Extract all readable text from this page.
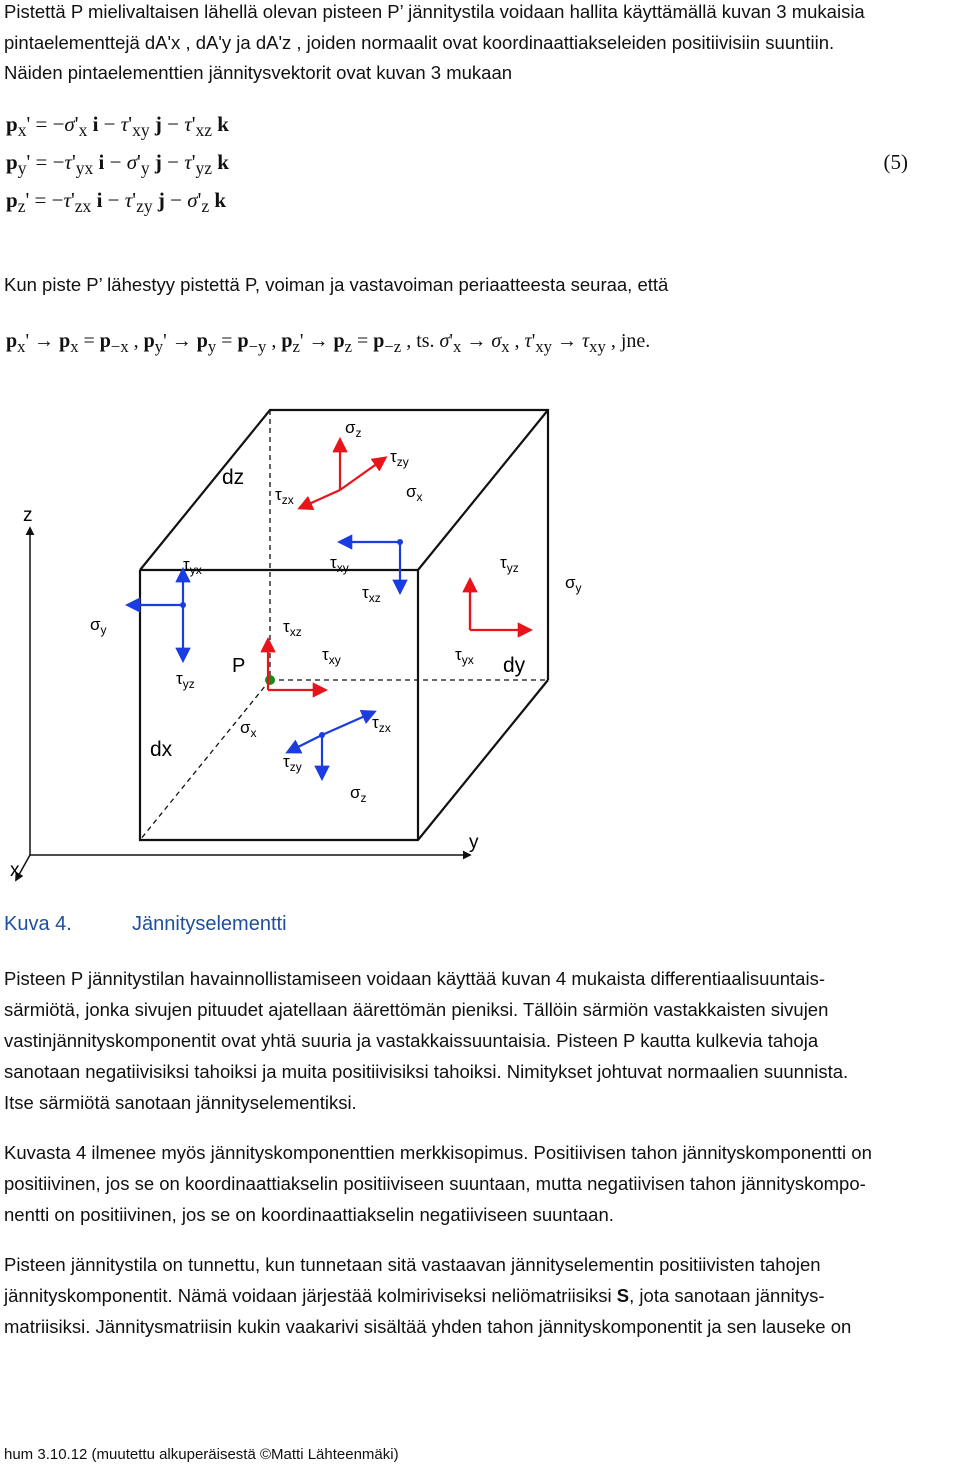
Pistettä P mielivaltaisen lähellä olevan pisteen P’ jännitystila voidaan hallita käyttämällä kuvan 3 mukaisia

pintaelementtejä dA'x , dA'y ja dA'z , joiden normaalit ovat koordinaattiakseleiden positiivisiin suuntiin.

Näiden pintaelementtien jännitysvektorit ovat kuvan 3 mukaan

$p_x' = -\sigma'_x$ $i - \tau'_{xy}$ $j - \tau'_{xz}$ k
$p_y' = -\tau'_{yx}$ $i - \sigma'_y$ $j - \tau'_{yz}$ k
$p_z' = -\tau'_{zx}$ $i - \tau'_{zy}$ $j - \sigma'_z$ k
(5)

Kun piste P’ lähestyy pistettä P, voiman ja vastavoiman periaatteesta seuraa, että

$p_x' \to p_x = p_{-x}$ , $p_y' \to p_y = p_{-y}$ , $p_z' \to p_z = p_{-z}$ , ts. $\sigma'_x \to \sigma_x$ , $\tau'_{xy} \to \tau_{xy}$ , jne.
z
y
x
dz
dy
dx
P
$\sigma_z$
$\tau_{zy}$
$\tau_{zx}$	$\sigma_x$
$\tau_{yx}$
$\sigma_y$
$\tau_{yz}$
$\tau_{xy}$
$\tau_{xz}$
$\tau_{yz}$
$\sigma_y$
$\tau_{yx}$
$\tau_{xz}$
$\tau_{xy}$
$\sigma_x$
$\tau_{zx}$
$\tau_{zy}$
$\sigma_z$
Kuva 4.	Jännityselementti

Pisteen P jännitystilan havainnollistamiseen voidaan käyttää kuvan 4 mukaista differentiaalisuuntais-

särmiötä, jonka sivujen pituudet ajatellaan äärettömän pieniksi. Tällöin särmiön vastakkaisten sivujen

vastinjännityskomponentit ovat yhtä suuria ja vastakkaissuuntaisia. Pisteen P kautta kulkevia tahoja

sanotaan negatiivisiksi tahoiksi ja muita positiivisiksi tahoiksi. Nimitykset johtuvat normaalien suunnista.

Itse särmiötä sanotaan jännityselementiksi.

Kuvasta 4 ilmenee myös jännityskomponenttien merkkisopimus. Positiivisen tahon jännityskomponentti on

positiivinen, jos se on koordinaattiakselin positiiviseen suuntaan, mutta negatiivisen tahon jännityskompo-

nentti on positiivinen, jos se on koordinaattiakselin negatiiviseen suuntaan.

Pisteen jännitystila on tunnettu, kun tunnetaan sitä vastaavan jännityselementin positiivisten tahojen

jännityskomponentit. Nämä voidaan järjestää kolmiriviseksi neliömatriisiksi S, jota sanotaan jännitys-

matriisiksi. Jännitysmatriisin kukin vaakarivi sisältää yhden tahon jännityskomponentit ja sen lauseke on

hum 3.10.12 (muutettu alkuperäisestä ©Matti Lähteenmäki)
